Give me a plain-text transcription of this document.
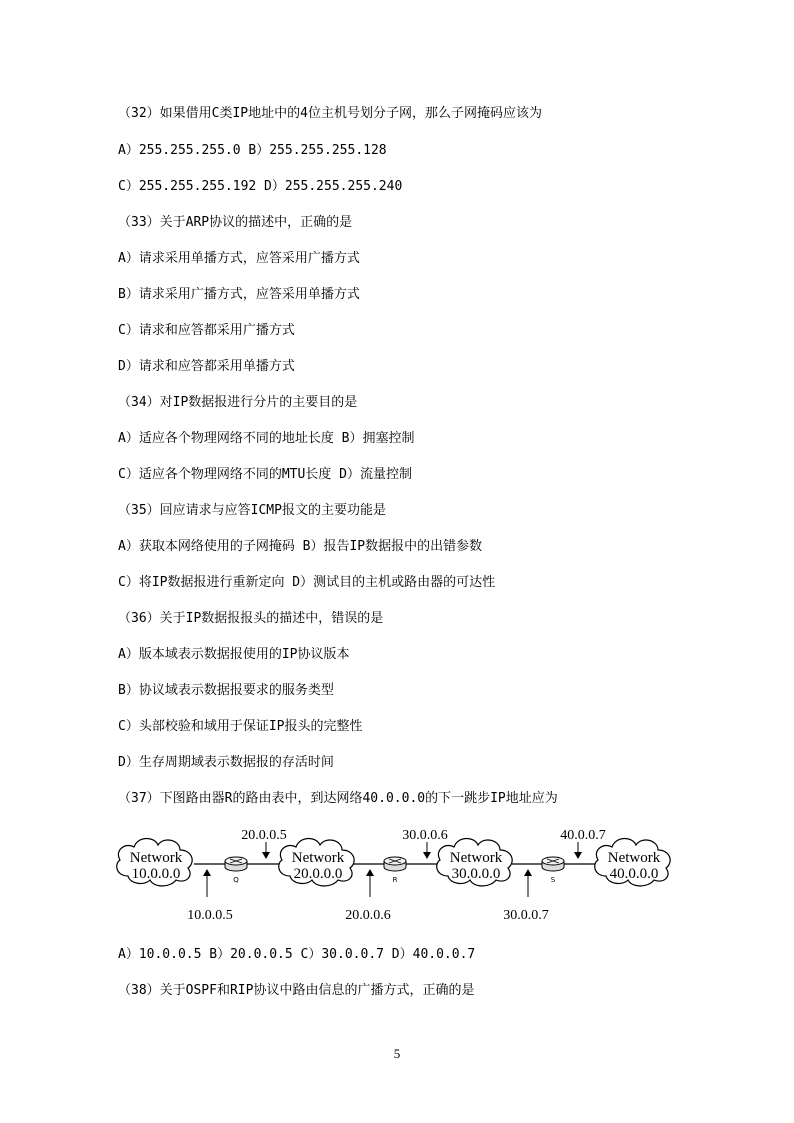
（32）如果借用C类IP地址中的4位主机号划分子网，那么子网掩码应该为
A）255.255.255.0 B）255.255.255.128
C）255.255.255.192 D）255.255.255.240
（33）关于ARP协议的描述中，正确的是
A）请求采用单播方式，应答采用广播方式
B）请求采用广播方式，应答采用单播方式
C）请求和应答都采用广播方式
D）请求和应答都采用单播方式
（34）对IP数据报进行分片的主要目的是
A）适应各个物理网络不同的地址长度 B）拥塞控制
C）适应各个物理网络不同的MTU长度 D）流量控制
（35）回应请求与应答ICMP报文的主要功能是
A）获取本网络使用的子网掩码 B）报告IP数据报中的出错参数
C）将IP数据报进行重新定向 D）测试目的主机或路由器的可达性
（36）关于IP数据报报头的描述中，错误的是
A）版本域表示数据报使用的IP协议版本
B）协议域表示数据报要求的服务类型
C）头部校验和域用于保证IP报头的完整性
D）生存周期域表示数据报的存活时间
（37）下图路由器R的路由表中，到达网络40.0.0.0的下一跳步IP地址应为
Network
10.0.0.0
Network
20.0.0.0
Network
30.0.0.0
Network
40.0.0.0
Q	R	S
20.0.0.5	30.0.0.6	40.0.0.7
10.0.0.5	20.0.0.6	30.0.0.7
A）10.0.0.5 B）20.0.0.5 C）30.0.0.7 D）40.0.0.7
（38）关于OSPF和RIP协议中路由信息的广播方式，正确的是
5
